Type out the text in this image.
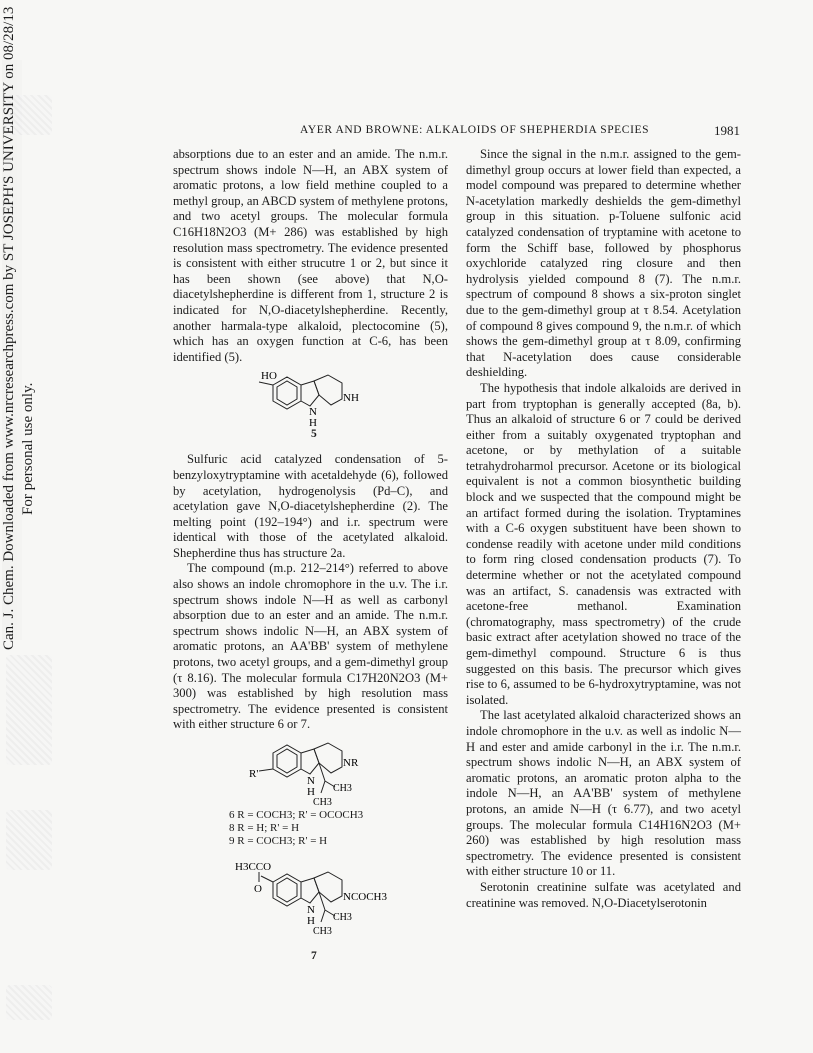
Can. J. Chem. Downloaded from www.nrcresearchpress.com by ST JOSEPH'S UNIVERSITY on 08/28/13 For personal use only.
AYER AND BROWNE: ALKALOIDS OF SHEPHERDIA SPECIES	1981

absorptions due to an ester and an amide. The n.m.r. spectrum shows indole N—H, an ABX system of aromatic protons, a low field methine coupled to a methyl group, an ABCD system of methylene protons, and two acetyl groups. The molecular formula C16H18N2O3 (M+ 286) was established by high resolution mass spectrometry. The evidence presented is consistent with either strucutre 1 or 2, but since it has been shown (see above) that N,O-diacetylshepherdine is different from 1, structure 2 is indicated for N,O-diacetylshepherdine. Recently, another harmala-type alkaloid, plectocomine (5), which has an oxygen function at C-6, has been identified (5).

HO
NH
N
H
5

Sulfuric acid catalyzed condensation of 5-benzyloxytryptamine with acetaldehyde (6), followed by acetylation, hydrogenolysis (Pd–C), and acetylation gave N,O-diacetylshepherdine (2). The melting point (192–194°) and i.r. spectrum were identical with those of the acetylated alkaloid. Shepherdine thus has structure 2a.

The compound (m.p. 212–214°) referred to above also shows an indole chromophore in the u.v. The i.r. spectrum shows indole N—H as well as carbonyl absorption due to an ester and an amide. The n.m.r. spectrum shows indolic N—H, an ABX system of aromatic protons, an AA'BB' system of methylene protons, two acetyl groups, and a gem-dimethyl group (τ 8.16). The molecular formula C17H20N2O3 (M+ 300) was established by high resolution mass spectrometry. The evidence presented is consistent with either structure 6 or 7.

R'
NR
N
H CH3
CH3
6 R = COCH3; R' = OCOCH3
8 R = H; R' = H
9 R = COCH3; R' = H
H3CCO
O
NCOCH3
N
H CH3
CH3
7

Since the signal in the n.m.r. assigned to the gem-dimethyl group occurs at lower field than expected, a model compound was prepared to determine whether N-acetylation markedly deshields the gem-dimethyl group in this situation. p-Toluene sulfonic acid catalyzed condensation of tryptamine with acetone to form the Schiff base, followed by phosphorus oxychloride catalyzed ring closure and then hydrolysis yielded compound 8 (7). The n.m.r. spectrum of compound 8 shows a six-proton singlet due to the gem-dimethyl group at τ 8.54. Acetylation of compound 8 gives compound 9, the n.m.r. of which shows the gem-dimethyl group at τ 8.09, confirming that N-acetylation does cause considerable deshielding.

The hypothesis that indole alkaloids are derived in part from tryptophan is generally accepted (8a, b). Thus an alkaloid of structure 6 or 7 could be derived either from a suitably oxygenated tryptophan and acetone, or by methylation of a suitable tetrahydroharmol precursor. Acetone or its biological equivalent is not a common biosynthetic building block and we suspected that the compound might be an artifact formed during the isolation. Tryptamines with a C-6 oxygen substituent have been shown to condense readily with acetone under mild conditions to form ring closed condensation products (7). To determine whether or not the acetylated compound was an artifact, S. canadensis was extracted with acetone-free methanol. Examination (chromatography, mass spectrometry) of the crude basic extract after acetylation showed no trace of the gem-dimethyl compound. Structure 6 is thus suggested on this basis. The precursor which gives rise to 6, assumed to be 6-hydroxytryptamine, was not isolated.

The last acetylated alkaloid characterized shows an indole chromophore in the u.v. as well as indolic N—H and ester and amide carbonyl in the i.r. The n.m.r. spectrum shows indolic N—H, an ABX system of aromatic protons, an aromatic proton alpha to the indole N—H, an AA'BB' system of methylene protons, an amide N—H (τ 6.77), and two acetyl groups. The molecular formula C14H16N2O3 (M+ 260) was established by high resolution mass spectrometry. The evidence presented is consistent with either structure 10 or 11.

Serotonin creatinine sulfate was acetylated and creatinine was removed. N,O-Diacetylserotonin
